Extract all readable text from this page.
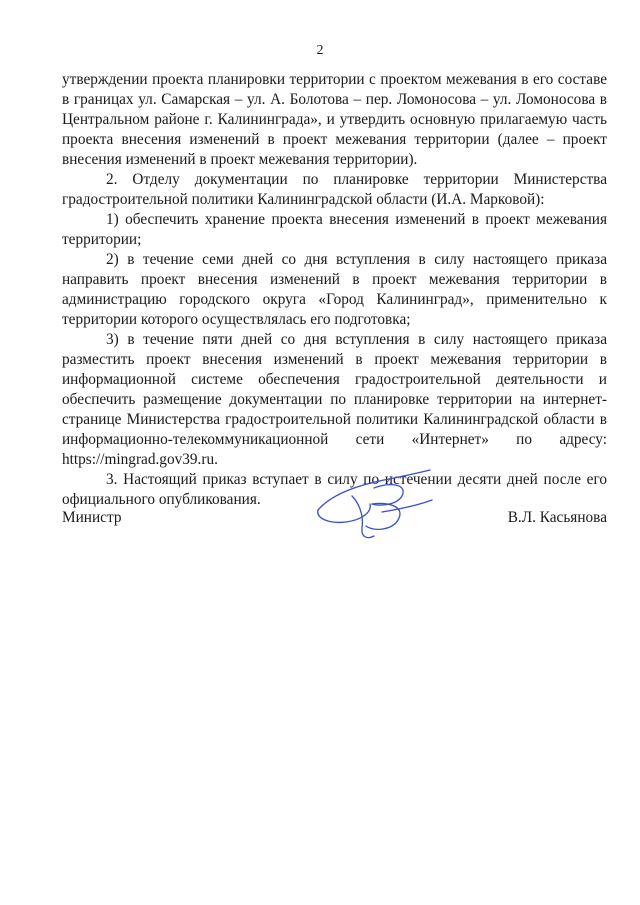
2

утверждении проекта планировки территории с проектом межевания в его составе в границах ул. Самарская – ул. А. Болотова – пер. Ломоносова – ул. Ломоносова в Центральном районе г. Калининграда», и утвердить основную прилагаемую часть проекта внесения изменений в проект межевания территории (далее – проект внесения изменений в проект межевания территории).

2. Отделу документации по планировке территории Министерства градостроительной политики Калининградской области (И.А. Марковой):

1) обеспечить хранение проекта внесения изменений в проект межевания территории;

2) в течение семи дней со дня вступления в силу настоящего приказа направить проект внесения изменений в проект межевания территории в администрацию городского округа «Город Калининград», применительно к территории которого осуществлялась его подготовка;

3) в течение пяти дней со дня вступления в силу настоящего приказа разместить проект внесения изменений в проект межевания территории в информационной системе обеспечения градостроительной деятельности и обеспечить размещение документации по планировке территории на интернет-странице Министерства градостроительной политики Калининградской области в информационно-телекоммуникационной сети «Интернет» по адресу: https://mingrad.gov39.ru.

3. Настоящий приказ вступает в силу по истечении десяти дней после его официального опубликования.

Министр	В.Л. Касьянова
